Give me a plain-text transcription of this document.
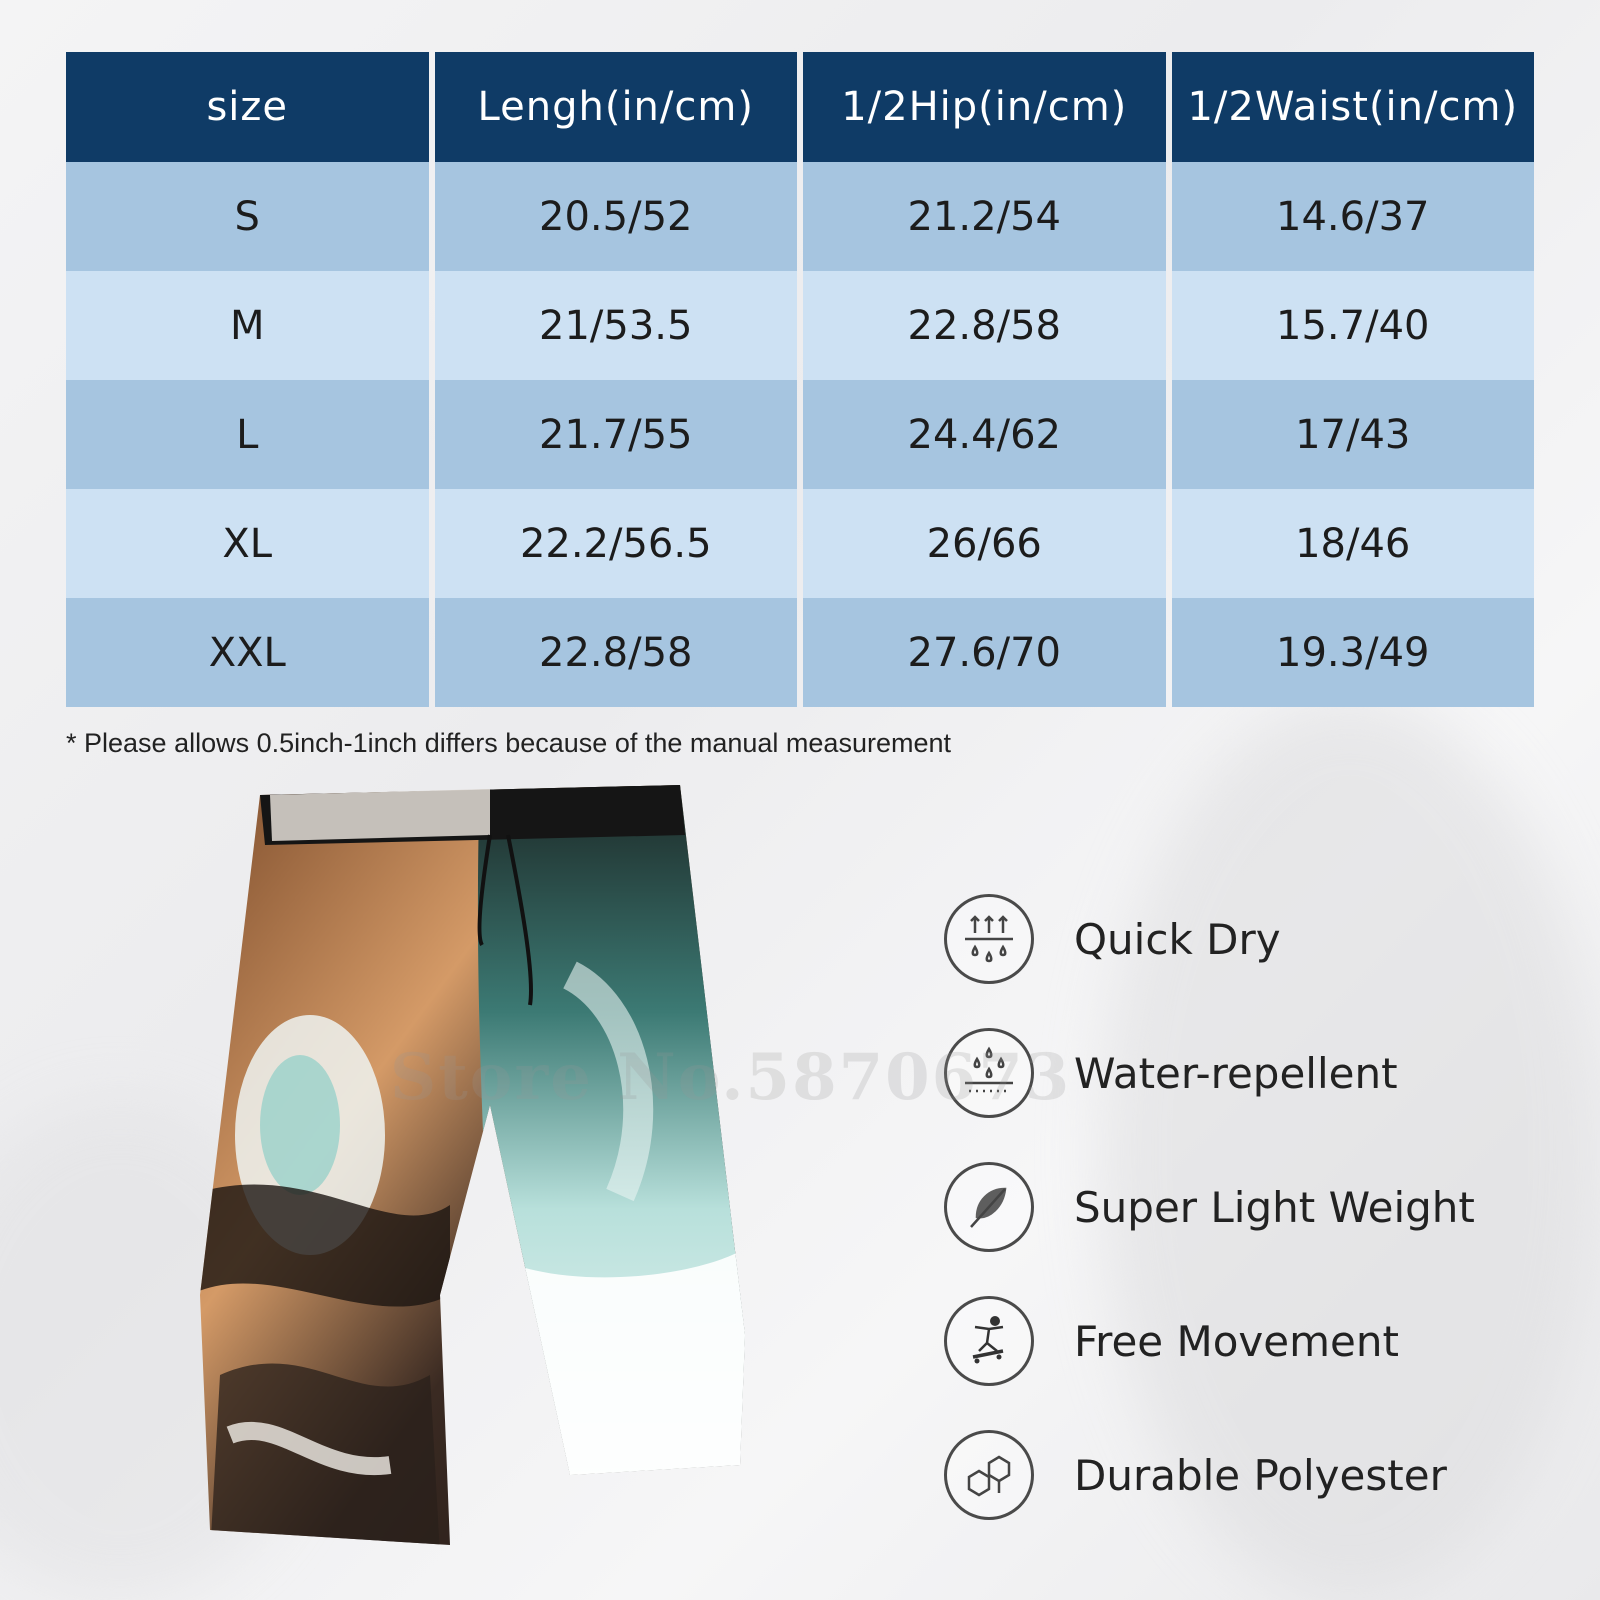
size	Lengh(in/cm)	1/2Hip(in/cm)	1/2Waist(in/cm)
S	20.5/52	21.2/54	14.6/37
M	21/53.5	22.8/58	15.7/40
L	21.7/55	24.4/62	17/43
XL	22.2/56.5	26/66	18/46
XXL	22.8/58	27.6/70	19.3/49
* Please allows 0.5inch-1inch differs because of the manual measurement
Quick Dry
Water-repellent
Super Light Weight
Free Movement
Durable Polyester
Store No.5870673
